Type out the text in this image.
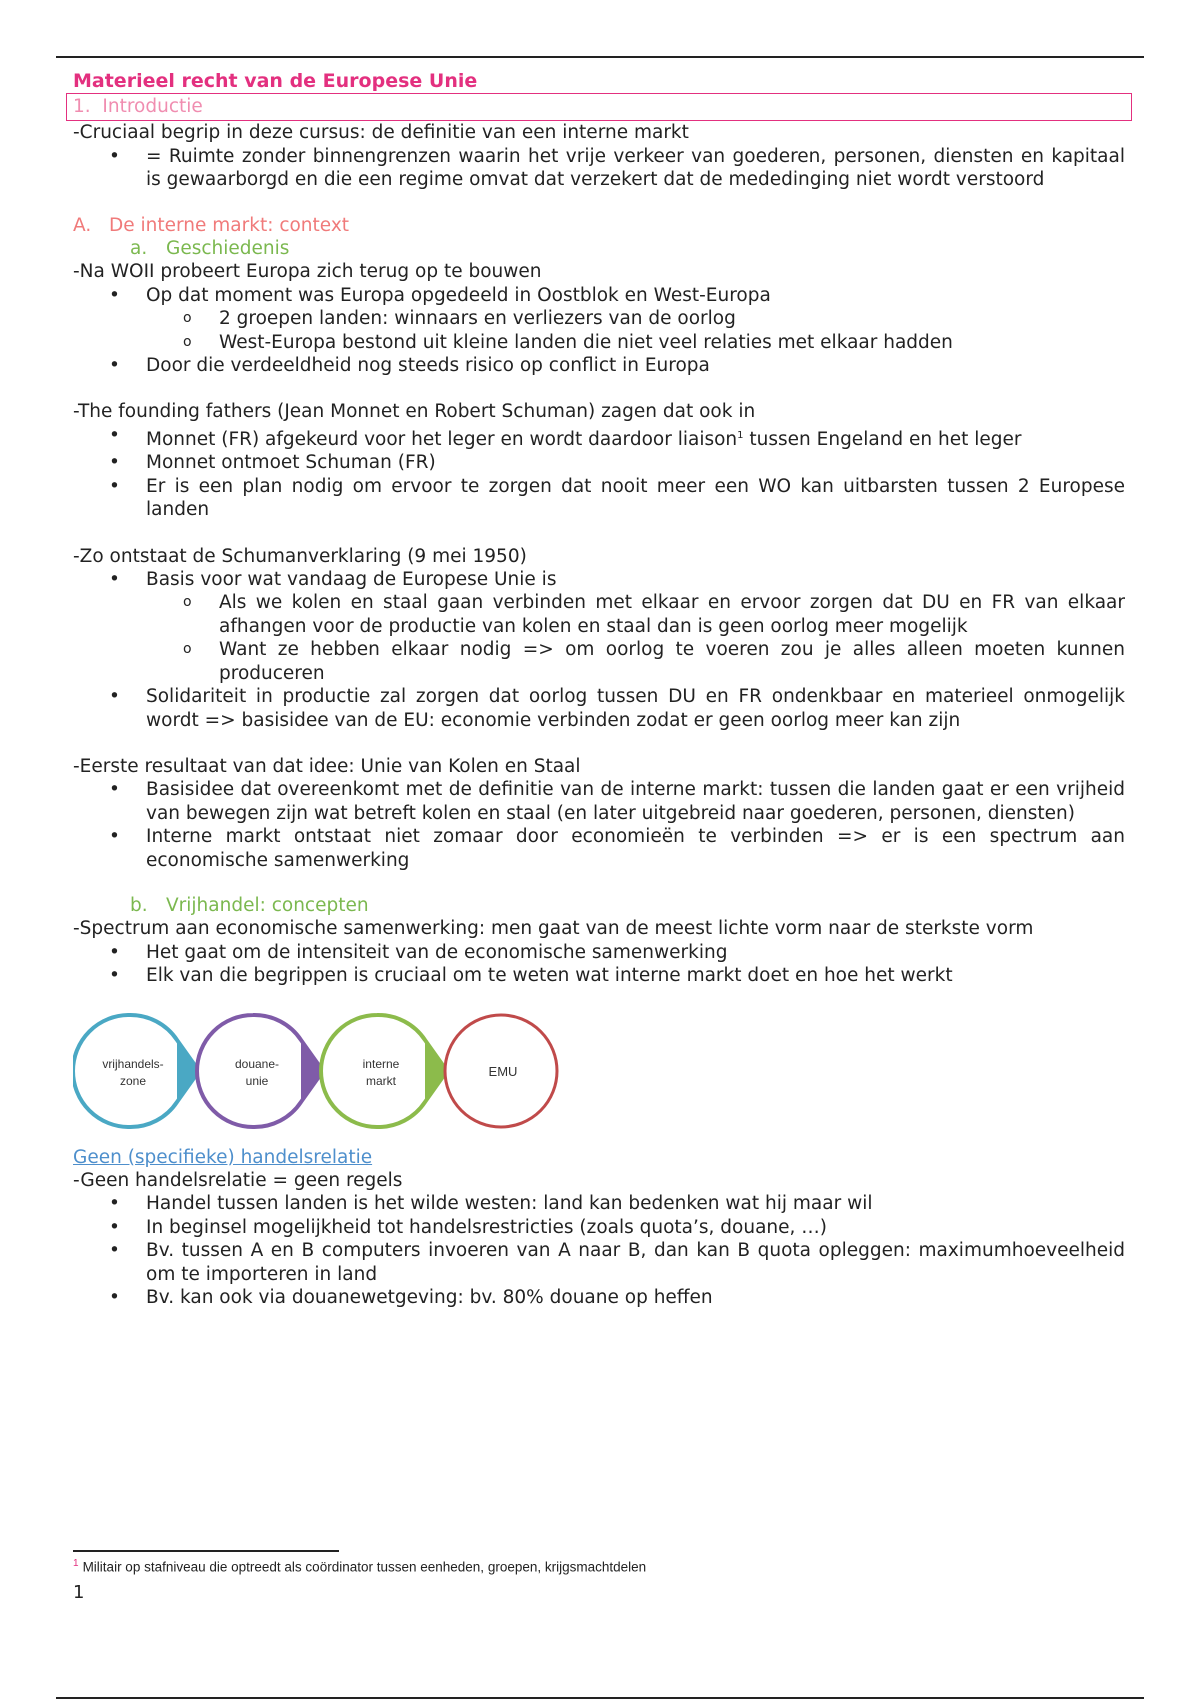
Materieel recht van de Europese Unie
1. Introductie

-Cruciaal begrip in deze cursus: de definitie van een interne markt

• = Ruimte zonder binnengrenzen waarin het vrije verkeer van goederen, personen, diensten en kapitaal is gewaarborgd en die een regime omvat dat verzekert dat de mededinging niet wordt verstoord
A. De interne markt: context
a. Geschiedenis

-Na WOII probeert Europa zich terug op te bouwen

• Op dat moment was Europa opgedeeld in Oostblok en West-Europa
o 2 groepen landen: winnaars en verliezers van de oorlog
o West-Europa bestond uit kleine landen die niet veel relaties met elkaar hadden
• Door die verdeeldheid nog steeds risico op conflict in Europa

-The founding fathers (Jean Monnet en Robert Schuman) zagen dat ook in

• Monnet (FR) afgekeurd voor het leger en wordt daardoor liaison$^1$ tussen Engeland en het leger
• Monnet ontmoet Schuman (FR)
• Er is een plan nodig om ervoor te zorgen dat nooit meer een WO kan uitbarsten tussen 2 Europese landen

-Zo ontstaat de Schumanverklaring (9 mei 1950)

• Basis voor wat vandaag de Europese Unie is
o Als we kolen en staal gaan verbinden met elkaar en ervoor zorgen dat DU en FR van elkaar afhangen voor de productie van kolen en staal dan is geen oorlog meer mogelijk
o Want ze hebben elkaar nodig => om oorlog te voeren zou je alles alleen moeten kunnen produceren
• Solidariteit in productie zal zorgen dat oorlog tussen DU en FR ondenkbaar en materieel onmogelijk wordt => basisidee van de EU: economie verbinden zodat er geen oorlog meer kan zijn

-Eerste resultaat van dat idee: Unie van Kolen en Staal

• Basisidee dat overeenkomt met de definitie van de interne markt: tussen die landen gaat er een vrijheid van bewegen zijn wat betreft kolen en staal (en later uitgebreid naar goederen, personen, diensten)
• Interne markt ontstaat niet zomaar door economieën te verbinden => er is een spectrum aan economische samenwerking
b. Vrijhandel: concepten

-Spectrum aan economische samenwerking: men gaat van de meest lichte vorm naar de sterkste vorm

• Het gaat om de intensiteit van de economische samenwerking
• Elk van die begrippen is cruciaal om te weten wat interne markt doet en hoe het werkt
vrijhandels-
zone
douane-
unie
interne
markt
EMU
Geen (specifieke) handelsrelatie

-Geen handelsrelatie = geen regels

• Handel tussen landen is het wilde westen: land kan bedenken wat hij maar wil
• In beginsel mogelijkheid tot handelsrestricties (zoals quota’s, douane, …)
• Bv. tussen A en B computers invoeren van A naar B, dan kan B quota opleggen: maximumhoeveelheid om te importeren in land
• Bv. kan ook via douanewetgeving: bv. 80% douane op heffen
$^1$ Militair op stafniveau die optreedt als coördinator tussen eenheden, groepen, krijgsmachtdelen
1
